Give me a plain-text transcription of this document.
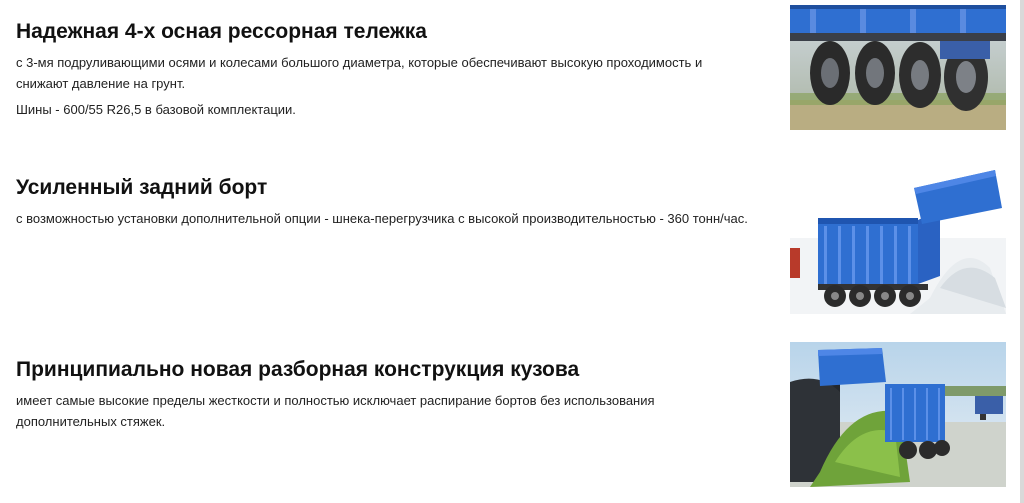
Надежная 4-х осная рессорная тележка

с 3-мя подруливающими осями и колесами большого диаметра, которые обеспечивают высокую проходимость и снижают давление на грунт.

Шины - 600/55 R26,5 в базовой комплектации.

Усиленный задний борт

с возможностью установки дополнительной опции - шнека-перегрузчика с высокой производительностью - 360 тонн/час.

Принципиально новая разборная конструкция кузова

имеет самые высокие пределы жесткости и полностью исключает распирание бортов без использования дополнительных стяжек.
